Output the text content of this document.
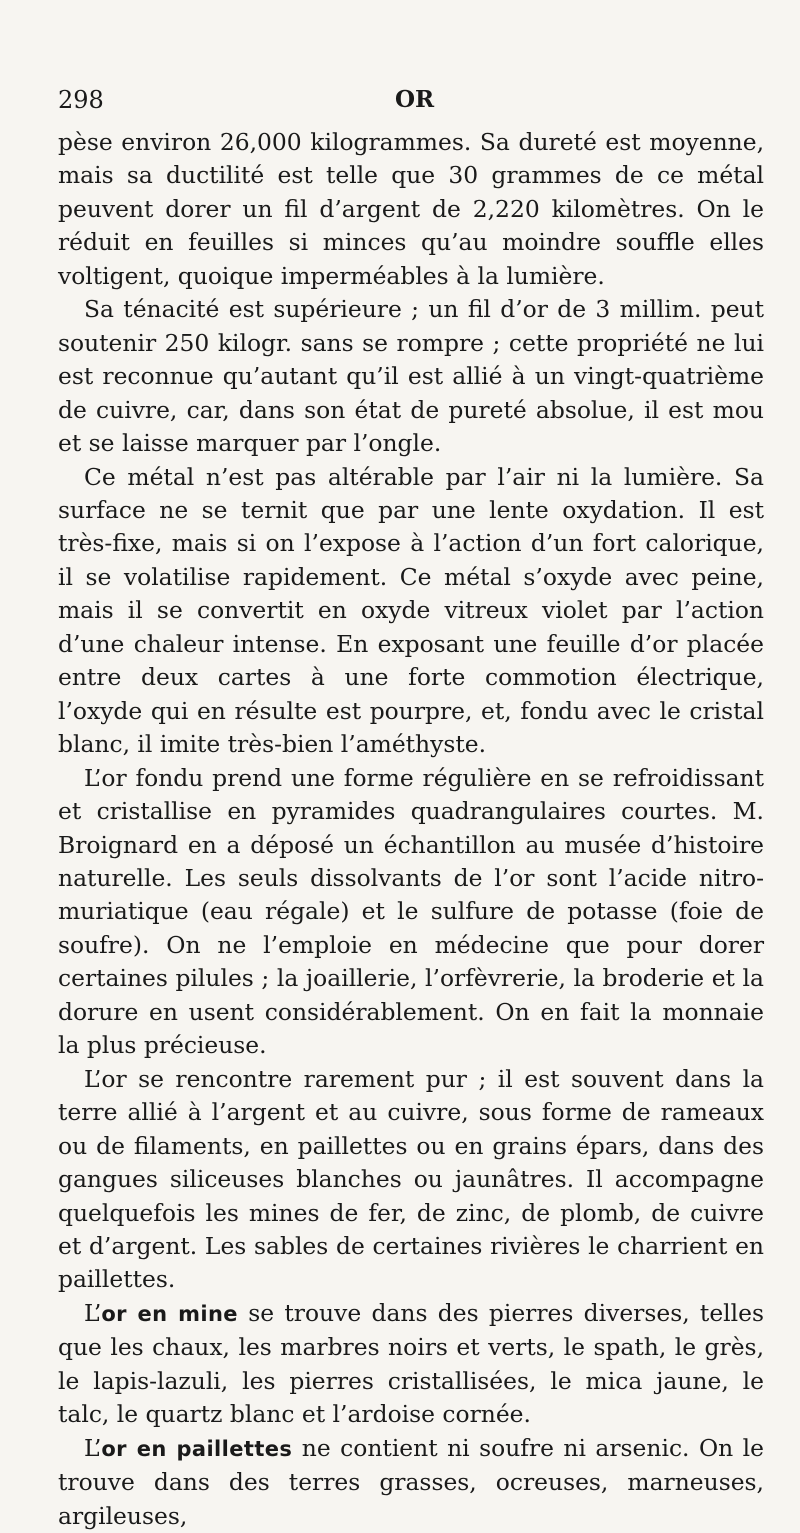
298	OR

pèse environ 26,000 kilogrammes. Sa dureté est moyenne, mais sa ductilité est telle que 30 grammes de ce métal peuvent dorer un fil d’argent de 2,220 kilomètres. On le réduit en feuilles si minces qu’au moindre souffle elles voltigent, quoique imperméables à la lumière.

Sa ténacité est supérieure ; un fil d’or de 3 millim. peut soutenir 250 kilogr. sans se rompre ; cette propriété ne lui est reconnue qu’autant qu’il est allié à un vingt-quatrième de cuivre, car, dans son état de pureté absolue, il est mou et se laisse marquer par l’ongle.

Ce métal n’est pas altérable par l’air ni la lumière. Sa surface ne se ternit que par une lente oxydation. Il est très-fixe, mais si on l’expose à l’action d’un fort calorique, il se volatilise rapidement. Ce métal s’oxyde avec peine, mais il se convertit en oxyde vitreux violet par l’action d’une chaleur intense. En exposant une feuille d’or placée entre deux cartes à une forte commotion électrique, l’oxyde qui en résulte est pourpre, et, fondu avec le cristal blanc, il imite très-bien l’améthyste.

L’or fondu prend une forme régulière en se refroidissant et cristallise en pyramides quadrangulaires courtes. M. Broignard en a déposé un échantillon au musée d’histoire naturelle. Les seuls dissolvants de l’or sont l’acide nitro-muriatique (eau régale) et le sulfure de potasse (foie de soufre). On ne l’emploie en médecine que pour dorer certaines pilules ; la joaillerie, l’orfèvrerie, la broderie et la dorure en usent considérablement. On en fait la monnaie la plus précieuse.

L’or se rencontre rarement pur ; il est souvent dans la terre allié à l’argent et au cuivre, sous forme de rameaux ou de filaments, en paillettes ou en grains épars, dans des gangues siliceuses blanches ou jaunâtres. Il accompagne quelquefois les mines de fer, de zinc, de plomb, de cuivre et d’argent. Les sables de certaines rivières le charrient en paillettes.

L’or en mine se trouve dans des pierres diverses, telles que les chaux, les marbres noirs et verts, le spath, le grès, le lapis-lazuli, les pierres cristallisées, le mica jaune, le talc, le quartz blanc et l’ardoise cornée.

L’or en paillettes ne contient ni soufre ni arsenic. On le trouve dans des terres grasses, ocreuses, marneuses, argileuses,
